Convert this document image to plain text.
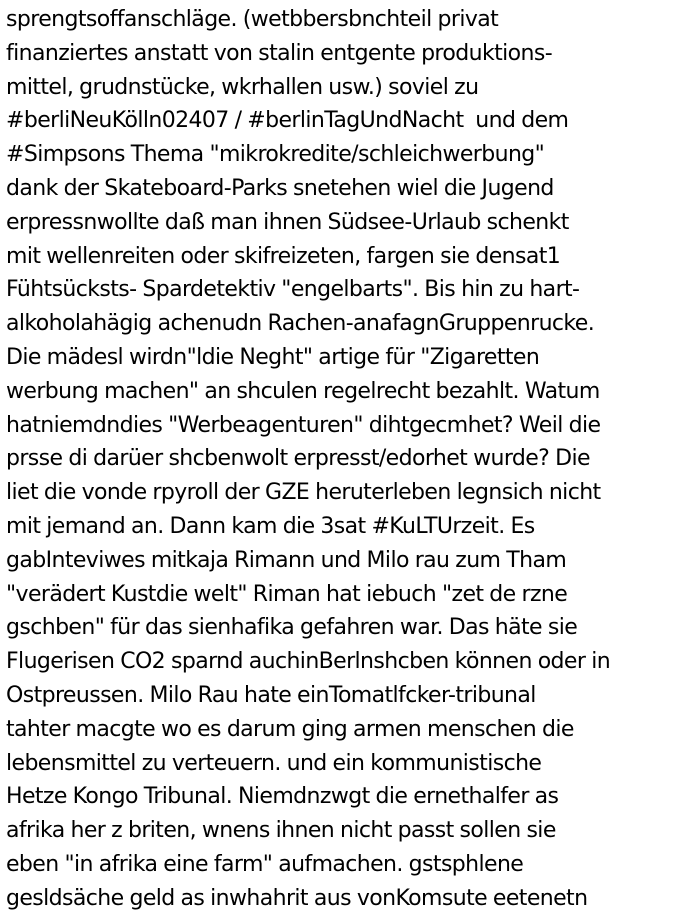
sprengtsoffanschläge. (wetbbersbnchteil privat
finanziertes anstatt von stalin entgente produktions-
mittel, grudnstücke, wkrhallen usw.) soviel zu
#berliNeuKölln02407 / #berlinTagUndNacht  und dem
#Simpsons Thema "mikrokredite/schleichwerbung"
dank der Skateboard-Parks snetehen wiel die Jugend
erpressnwollte daß man ihnen Südsee-Urlaub schenkt
mit wellenreiten oder skifreizeten, fargen sie densat1
Fühtsücksts- Spardetektiv "engelbarts". Bis hin zu hart-
alkoholahägig achenudn Rachen-anafagnGruppenrucke.
Die mädesl wirdn"ldie Neght" artige für "Zigaretten
werbung machen" an shculen regelrecht bezahlt. Watum
hatniemdndies "Werbeagenturen" dihtgecmhet? Weil die
prsse di darüer shcbenwolt erpresst/edorhet wurde? Die
liet die vonde rpyroll der GZE heruterleben legnsich nicht
mit jemand an. Dann kam die 3sat #KuLTUrzeit. Es
gabInteviwes mitkaja Rimann und Milo rau zum Tham
"verädert Kustdie welt" Riman hat iebuch "zet de rzne
gschben" für das sienhafika gefahren war. Das häte sie
Flugerisen CO2 sparnd auchinBerlnshcben können oder in
Ostpreussen. Milo Rau hate einTomatlfcker-tribunal
tahter macgte wo es darum ging armen menschen die
lebensmittel zu verteuern. und ein kommunistische
Hetze Kongo Tribunal. Niemdnzwgt die ernethalfer as
afrika her z briten, wnens ihnen nicht passt sollen sie
eben "in afrika eine farm" aufmachen. gstsphlene
gesldsäche geld as inwhahrit aus vonKomsute eetenetn
